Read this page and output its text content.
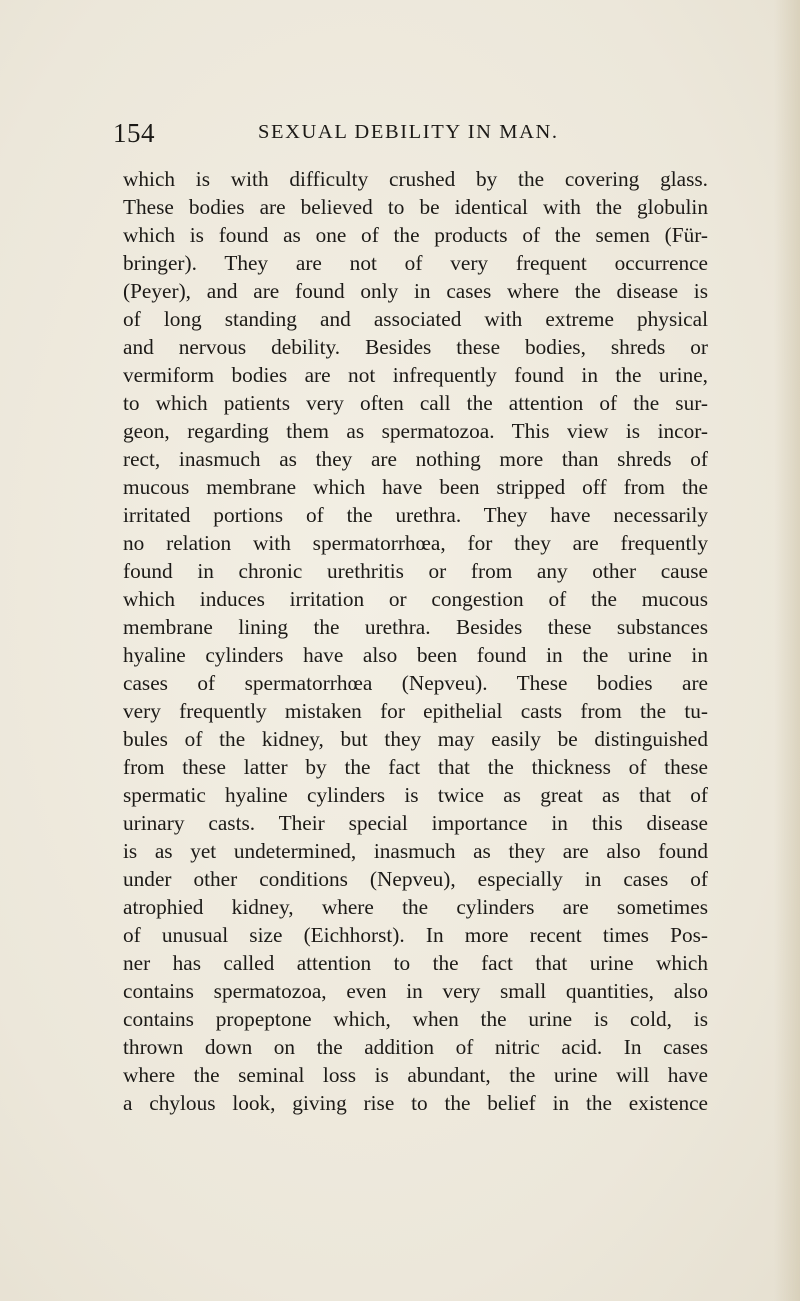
154	SEXUAL DEBILITY IN MAN.
which is with difficulty crushed by the covering glass.
These bodies are believed to be identical with the globulin
which is found as one of the products of the semen (Für-
bringer). They are not of very frequent occurrence
(Peyer), and are found only in cases where the disease is
of long standing and associated with extreme physical
and nervous debility. Besides these bodies, shreds or
vermiform bodies are not infrequently found in the urine,
to which patients very often call the attention of the sur-
geon, regarding them as spermatozoa. This view is incor-
rect, inasmuch as they are nothing more than shreds of
mucous membrane which have been stripped off from the
irritated portions of the urethra. They have necessarily
no relation with spermatorrhœa, for they are frequently
found in chronic urethritis or from any other cause
which induces irritation or congestion of the mucous
membrane lining the urethra. Besides these substances
hyaline cylinders have also been found in the urine in
cases of spermatorrhœa (Nepveu). These bodies are
very frequently mistaken for epithelial casts from the tu-
bules of the kidney, but they may easily be distinguished
from these latter by the fact that the thickness of these
spermatic hyaline cylinders is twice as great as that of
urinary casts. Their special importance in this disease
is as yet undetermined, inasmuch as they are also found
under other conditions (Nepveu), especially in cases of
atrophied kidney, where the cylinders are sometimes
of unusual size (Eichhorst). In more recent times Pos-
ner has called attention to the fact that urine which
contains spermatozoa, even in very small quantities, also
contains propeptone which, when the urine is cold, is
thrown down on the addition of nitric acid. In cases
where the seminal loss is abundant, the urine will have
a chylous look, giving rise to the belief in the existence
